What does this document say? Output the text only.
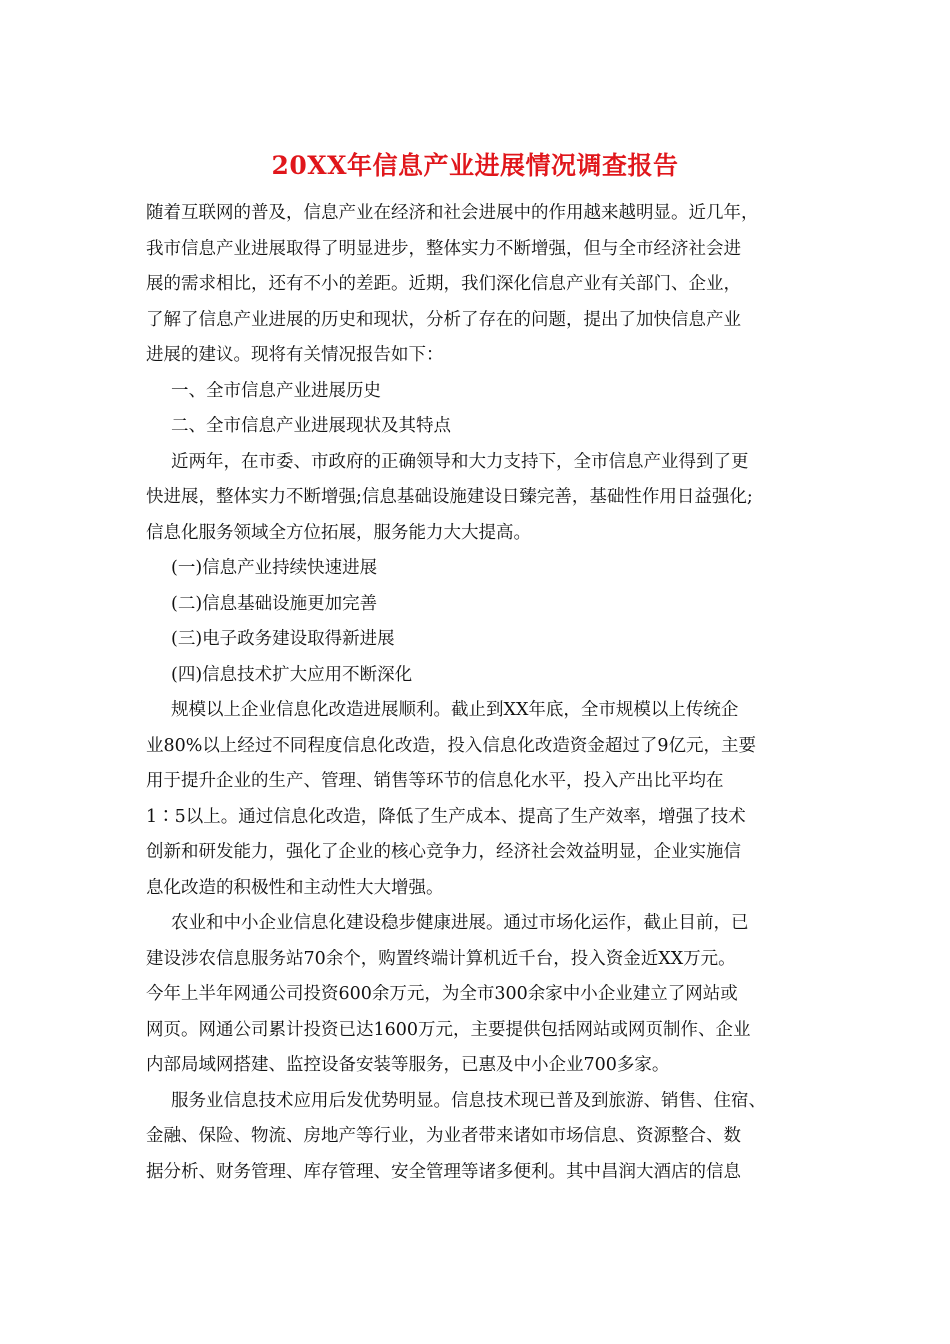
20XX年信息产业进展情况调查报告
随着互联网的普及，信息产业在经济和社会进展中的作用越来越明显。近几年，
我市信息产业进展取得了明显进步，整体实力不断增强，但与全市经济社会进
展的需求相比，还有不小的差距。近期，我们深化信息产业有关部门、企业，
了解了信息产业进展的历史和现状，分析了存在的问题，提出了加快信息产业
进展的建议。现将有关情况报告如下：
一、全市信息产业进展历史
二、全市信息产业进展现状及其特点
近两年，在市委、市政府的正确领导和大力支持下，全市信息产业得到了更
快进展，整体实力不断增强;信息基础设施建设日臻完善，基础性作用日益强化;
信息化服务领域全方位拓展，服务能力大大提高。
(一)信息产业持续快速进展
(二)信息基础设施更加完善
(三)电子政务建设取得新进展
(四)信息技术扩大应用不断深化
规模以上企业信息化改造进展顺利。截止到XX年底，全市规模以上传统企
业80%以上经过不同程度信息化改造，投入信息化改造资金超过了9亿元，主要
用于提升企业的生产、管理、销售等环节的信息化水平，投入产出比平均在
1∶5以上。通过信息化改造，降低了生产成本、提高了生产效率，增强了技术
创新和研发能力，强化了企业的核心竞争力，经济社会效益明显，企业实施信
息化改造的积极性和主动性大大增强。
农业和中小企业信息化建设稳步健康进展。通过市场化运作，截止目前，已
建设涉农信息服务站70余个，购置终端计算机近千台，投入资金近XX万元。
今年上半年网通公司投资600余万元，为全市300余家中小企业建立了网站或
网页。网通公司累计投资已达1600万元，主要提供包括网站或网页制作、企业
内部局域网搭建、监控设备安装等服务，已惠及中小企业700多家。
服务业信息技术应用后发优势明显。信息技术现已普及到旅游、销售、住宿、
金融、保险、物流、房地产等行业，为业者带来诸如市场信息、资源整合、数
据分析、财务管理、库存管理、安全管理等诸多便利。其中昌润大酒店的信息
